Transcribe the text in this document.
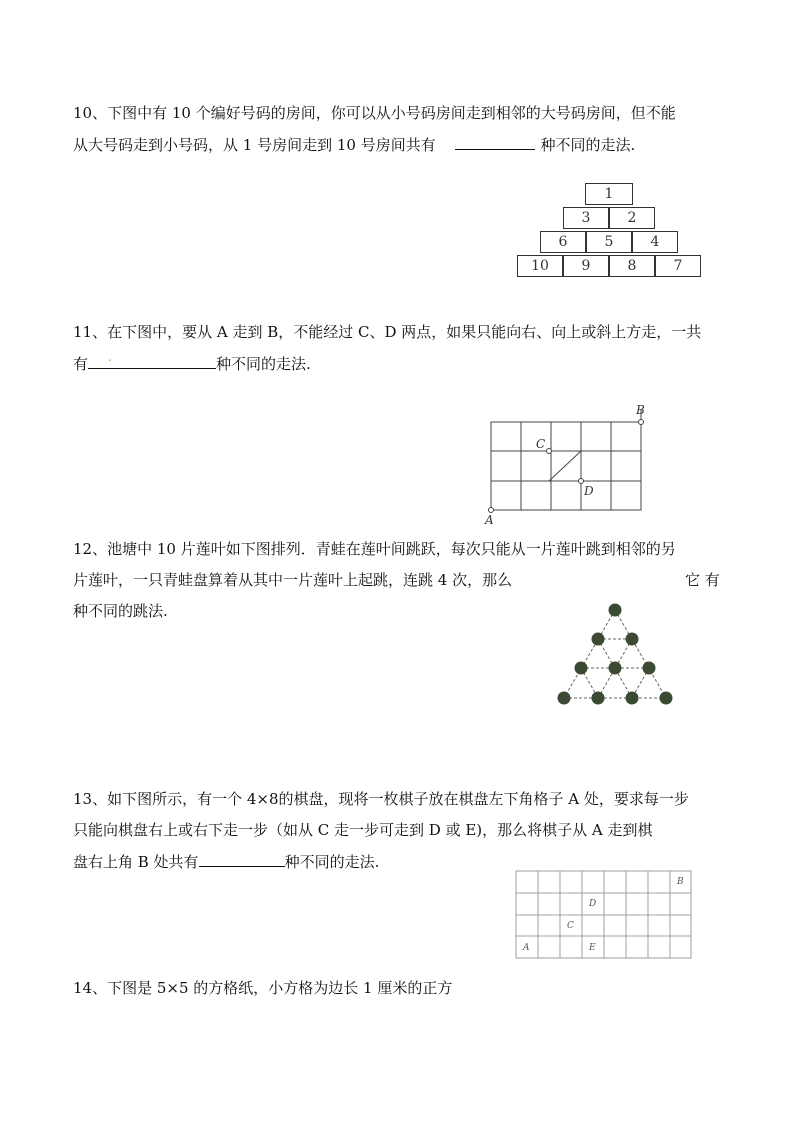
10、下图中有 10 个编好号码的房间，你可以从小号码房间走到相邻的大号码房间，但不能
从大号码走到小号码，从 1 号房间走到 10 号房间共有	种不同的走法.
1
3	2
6	5	4
10	9	8	7
11、在下图中，要从 A 走到 B，不能经过 C、D 两点，如果只能向右、向上或斜上方走，一共
有 .	种不同的走法.
A
C
D
B
12、池塘中 10 片莲叶如下图排列．青蛙在莲叶间跳跃，每次只能从一片莲叶跳到相邻的另
片莲叶，一只青蛙盘算着从其中一片莲叶上起跳，连跳 4 次，那么	它 有
种不同的跳法.
13、如下图所示，有一个 4×8的棋盘，现将一枚棋子放在棋盘左下角格子 A 处，要求每一步
只能向棋盘右上或右下走一步（如从 C 走一步可走到 D 或 E)，那么将棋子从 A 走到棋
盘右上角 B 处共有	种不同的走法.
A
C
D
E
B
14、下图是 5×5 的方格纸，小方格为边长 1 厘米的正方
